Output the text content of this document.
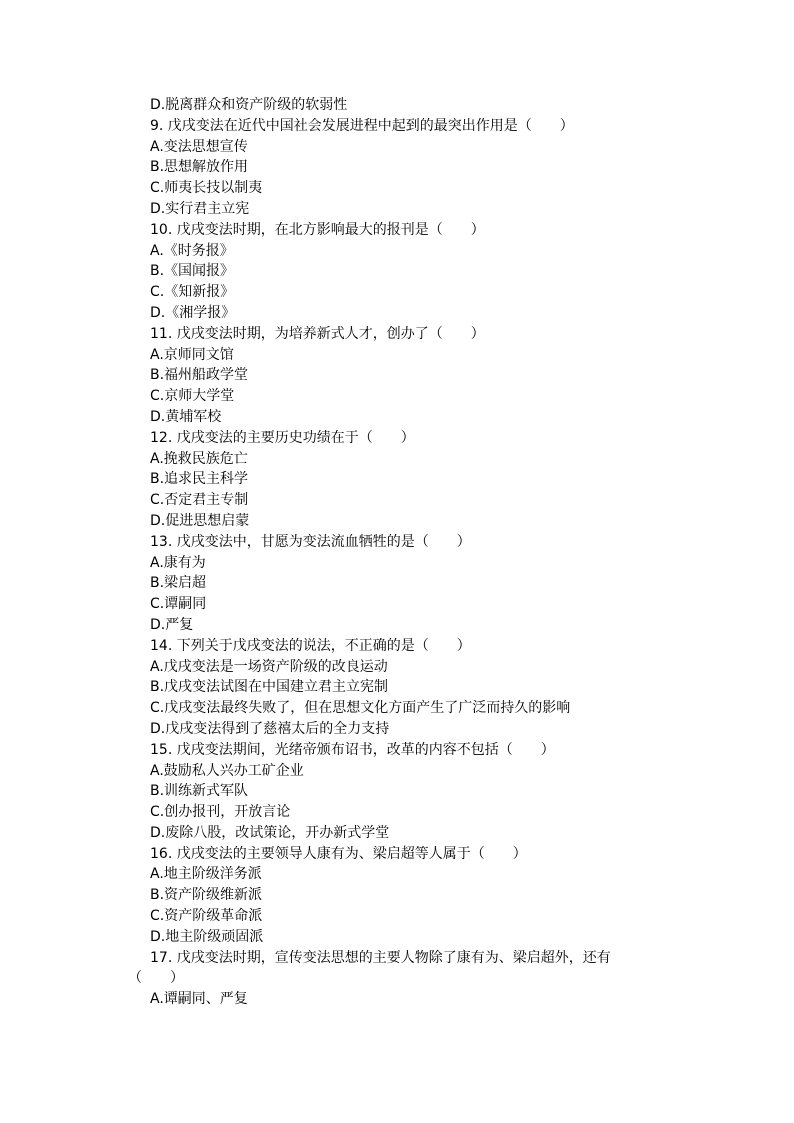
D.脱离群众和资产阶级的软弱性
9. 戊戌变法在近代中国社会发展进程中起到的最突出作用是（　　）
A.变法思想宣传
B.思想解放作用
C.师夷长技以制夷
D.实行君主立宪
10. 戊戌变法时期，在北方影响最大的报刊是（　　）
A.《时务报》
B.《国闻报》
C.《知新报》
D.《湘学报》
11. 戊戌变法时期，为培养新式人才，创办了（　　）
A.京师同文馆
B.福州船政学堂
C.京师大学堂
D.黄埔军校
12. 戊戌变法的主要历史功绩在于（　　）
A.挽救民族危亡
B.追求民主科学
C.否定君主专制
D.促进思想启蒙
13. 戊戌变法中，甘愿为变法流血牺牲的是（　　）
A.康有为
B.梁启超
C.谭嗣同
D.严复
14. 下列关于戊戌变法的说法，不正确的是（　　）
A.戊戌变法是一场资产阶级的改良运动
B.戊戌变法试图在中国建立君主立宪制
C.戊戌变法最终失败了，但在思想文化方面产生了广泛而持久的影响
D.戊戌变法得到了慈禧太后的全力支持
15. 戊戌变法期间，光绪帝颁布诏书，改革的内容不包括（　　）
A.鼓励私人兴办工矿企业
B.训练新式军队
C.创办报刊，开放言论
D.废除八股，改试策论，开办新式学堂
16. 戊戌变法的主要领导人康有为、梁启超等人属于（　　）
A.地主阶级洋务派
B.资产阶级维新派
C.资产阶级革命派
D.地主阶级顽固派
17. 戊戌变法时期，宣传变法思想的主要人物除了康有为、梁启超外，还有
（　　）
A.谭嗣同、严复
